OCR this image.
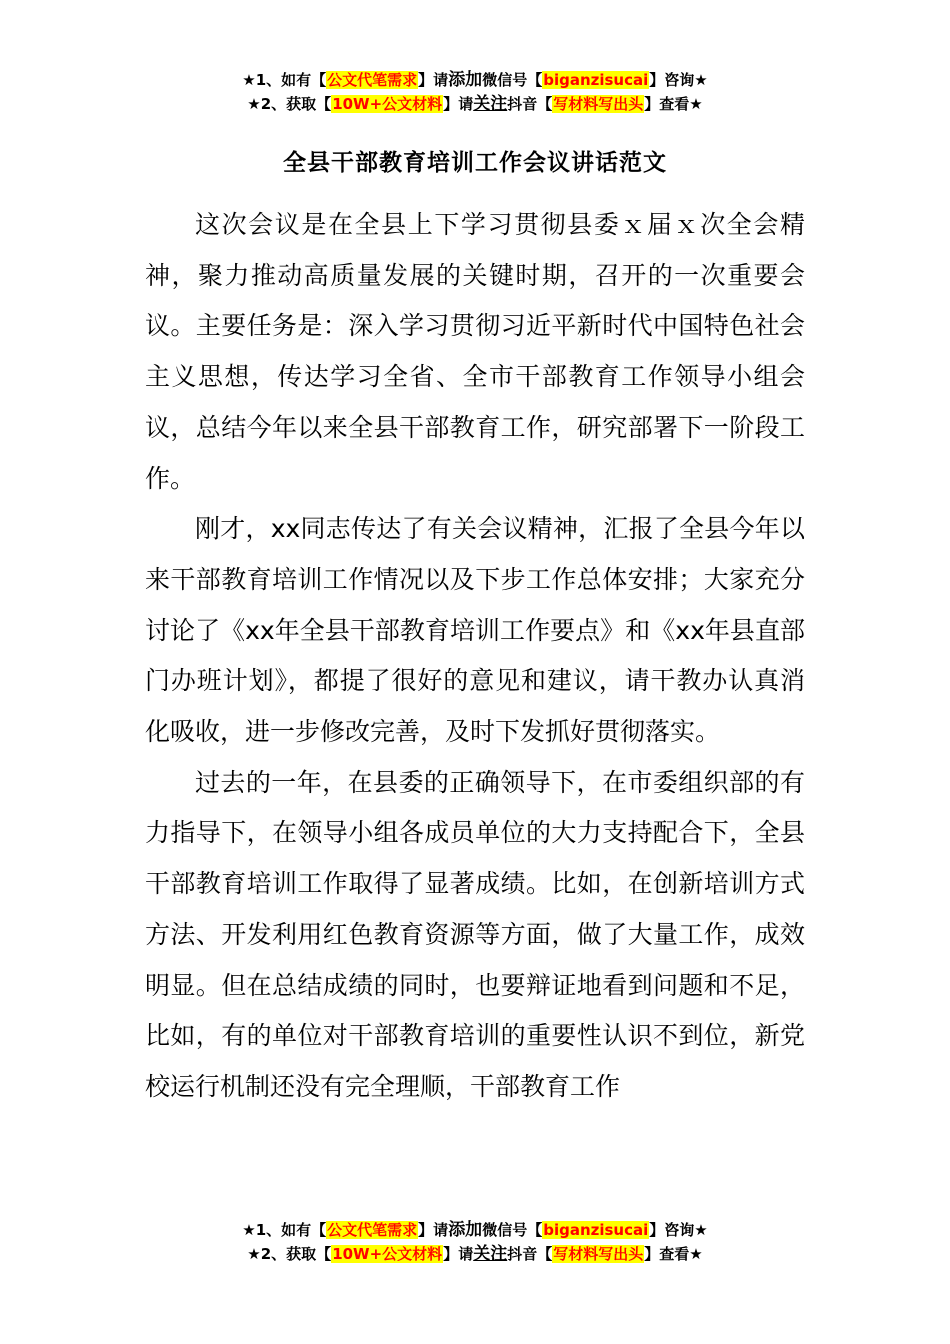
★1、如有【公文代笔需求】请添加微信号【biganzisucai】咨询★
★2、获取【10W+公文材料】请关注抖音【写材料写出头】查看★
全县干部教育培训工作会议讲话范文

这次会议是在全县上下学习贯彻县委ｘ届ｘ次全会精神，聚力推动高质量发展的关键时期，召开的一次重要会议。主要任务是：深入学习贯彻习近平新时代中国特色社会主义思想，传达学习全省、全市干部教育工作领导小组会议，总结今年以来全县干部教育工作，研究部署下一阶段工作。

刚才，xx同志传达了有关会议精神，汇报了全县今年以来干部教育培训工作情况以及下步工作总体安排；大家充分讨论了《xx年全县干部教育培训工作要点》和《xx年县直部门办班计划》，都提了很好的意见和建议，请干教办认真消化吸收，进一步修改完善，及时下发抓好贯彻落实。

过去的一年，在县委的正确领导下，在市委组织部的有力指导下，在领导小组各成员单位的大力支持配合下，全县干部教育培训工作取得了显著成绩。比如，在创新培训方式方法、开发利用红色教育资源等方面，做了大量工作，成效明显。但在总结成绩的同时，也要辩证地看到问题和不足，比如，有的单位对干部教育培训的重要性认识不到位，新党校运行机制还没有完全理顺，干部教育工作

★1、如有【公文代笔需求】请添加微信号【biganzisucai】咨询★
★2、获取【10W+公文材料】请关注抖音【写材料写出头】查看★
